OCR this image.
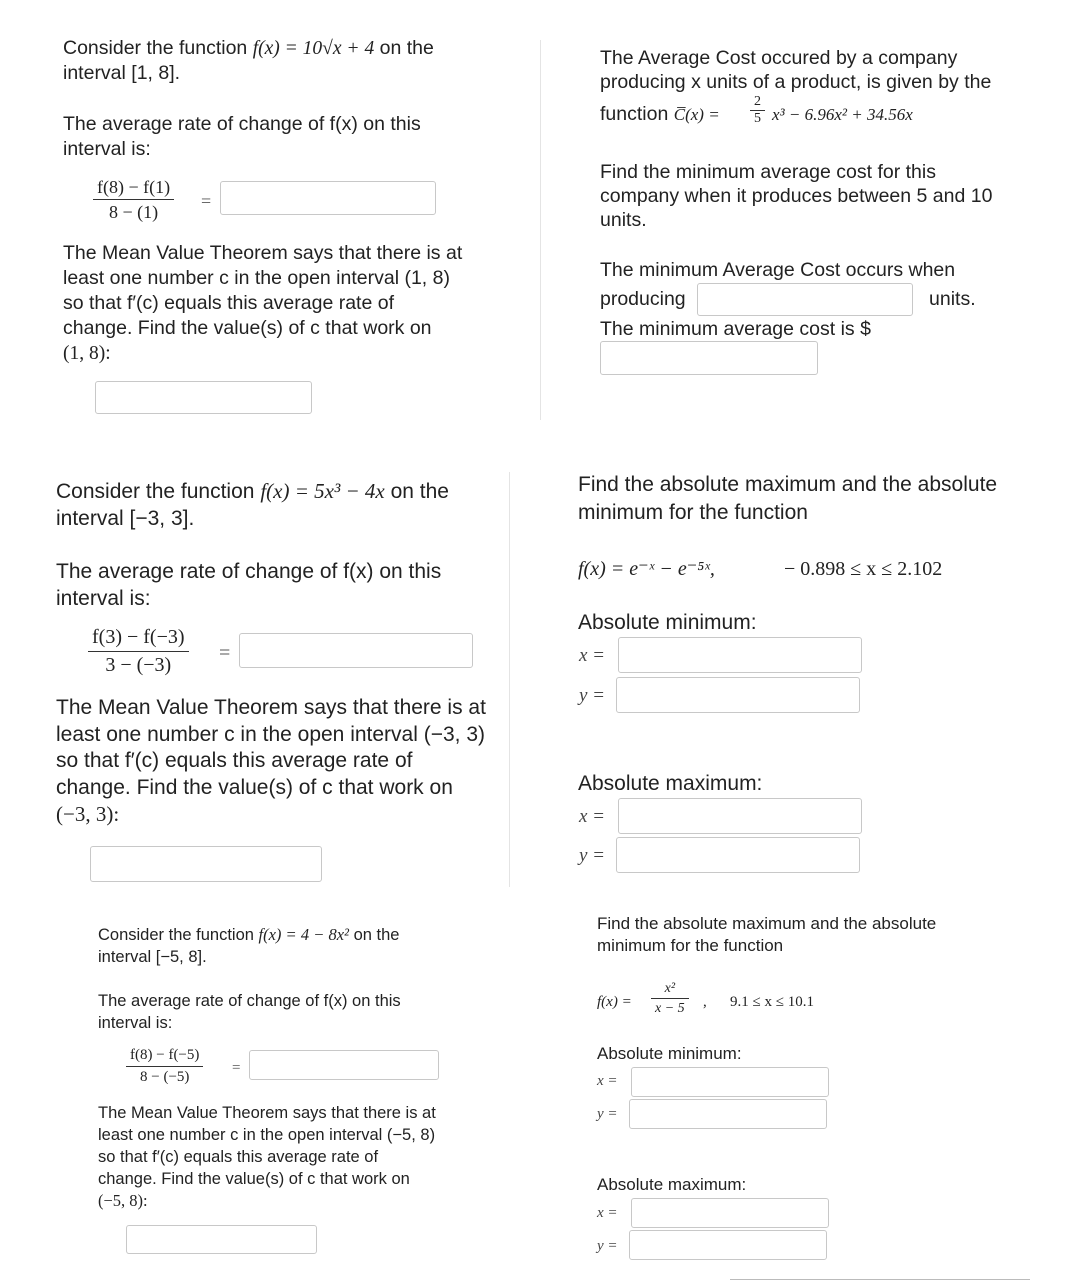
Consider the function f(x) = 10√x + 4 on the
interval [1, 8].
The average rate of change of f(x) on this
interval is:
$\frac{f(8) - f(1)}{8 - (1)}$ =
The Mean Value Theorem says that there is at
least one number c in the open interval (1, 8)
so that f′(c) equals this average rate of
change. Find the value(s) of c that work on
(1, 8):
The Average Cost occured by a company
producing x units of a product, is given by the
function C̅(x) = $\frac{2}{5} x^3 - 6.96x^2 + 34.56x$
Find the minimum average cost for this
company when it produces between 5 and 10
units.
The minimum Average Cost occurs when
producing	units.
The minimum average cost is $
Consider the function f(x) = 5x³ − 4x on the
interval [−3, 3].
The average rate of change of f(x) on this
interval is:
$\frac{f(3) - f(-3)}{3 - (-3)}$ =
The Mean Value Theorem says that there is at
least one number c in the open interval (−3, 3)
so that f′(c) equals this average rate of
change. Find the value(s) of c that work on
(−3, 3):
Find the absolute maximum and the absolute
minimum for the function
f(x) = e⁻ˣ − e⁻⁵ˣ,	− 0.898 ≤ x ≤ 2.102
Absolute minimum:
Absolute maximum:
x =
y =
x =
y =
Consider the function f(x) = 4 − 8x² on the
interval [−5, 8].
The average rate of change of f(x) on this
interval is:
$\frac{f(8) - f(-5)}{8 - (-5)}$ =
The Mean Value Theorem says that there is at
least one number c in the open interval (−5, 8)
so that f′(c) equals this average rate of
change. Find the value(s) of c that work on
(−5, 8):
Find the absolute maximum and the absolute
minimum for the function
$f(x) = \frac{\text{x²}}{x - 5}$ , 9.1 ≤ x ≤ 10.1
Absolute minimum:
Absolute maximum:
x =
y =
x =
y =
